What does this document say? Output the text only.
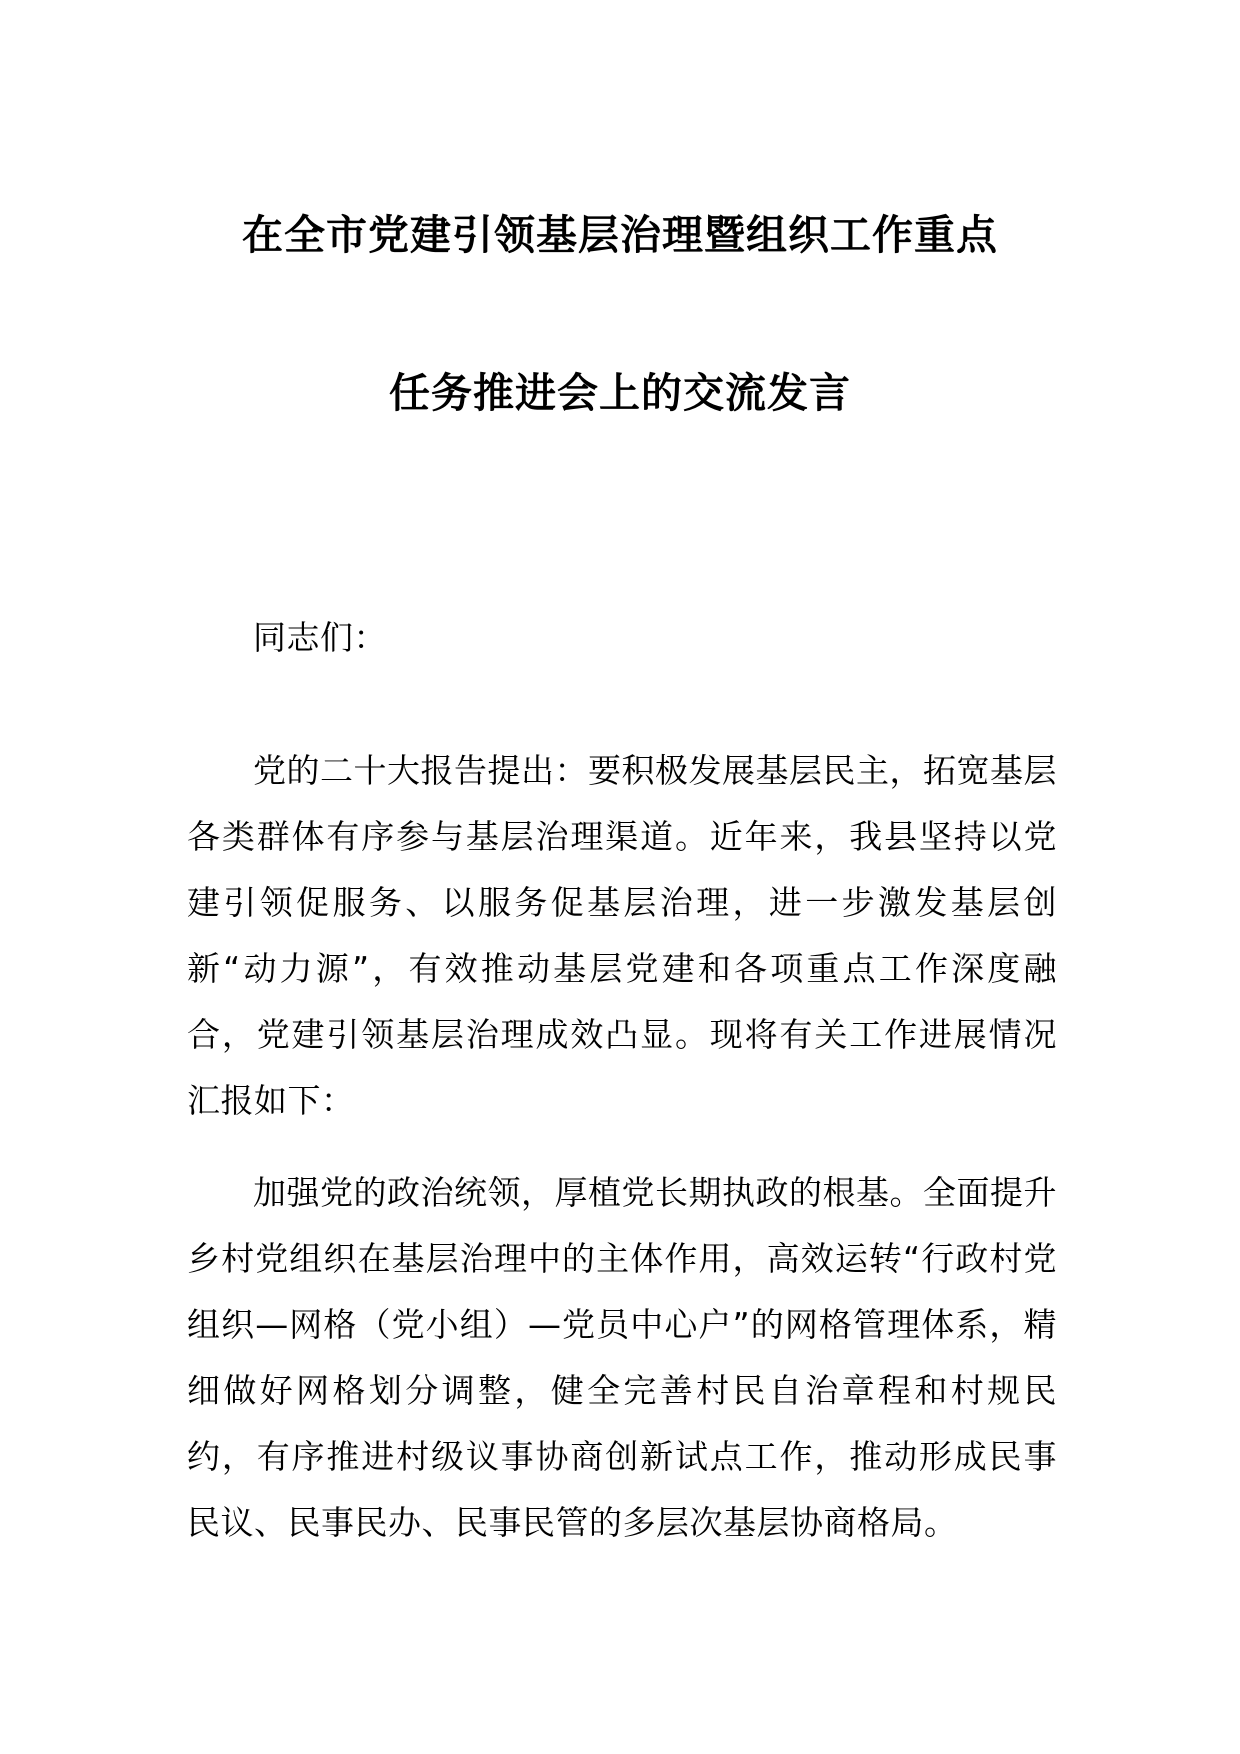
在全市党建引领基层治理暨组织工作重点
任务推进会上的交流发言
同志们：
党的二十大报告提出：要积极发展基层民主，拓宽基层各类群体有序参与基层治理渠道。近年来，我县坚持以党建引领促服务、以服务促基层治理，进一步激发基层创新“动力源”，有效推动基层党建和各项重点工作深度融合，党建引领基层治理成效凸显。现将有关工作进展情况汇报如下：
加强党的政治统领，厚植党长期执政的根基。全面提升乡村党组织在基层治理中的主体作用，高效运转“行政村党组织—网格（党小组）—党员中心户”的网格管理体系，精细做好网格划分调整，健全完善村民自治章程和村规民约，有序推进村级议事协商创新试点工作，推动形成民事民议、民事民办、民事民管的多层次基层协商格局。
